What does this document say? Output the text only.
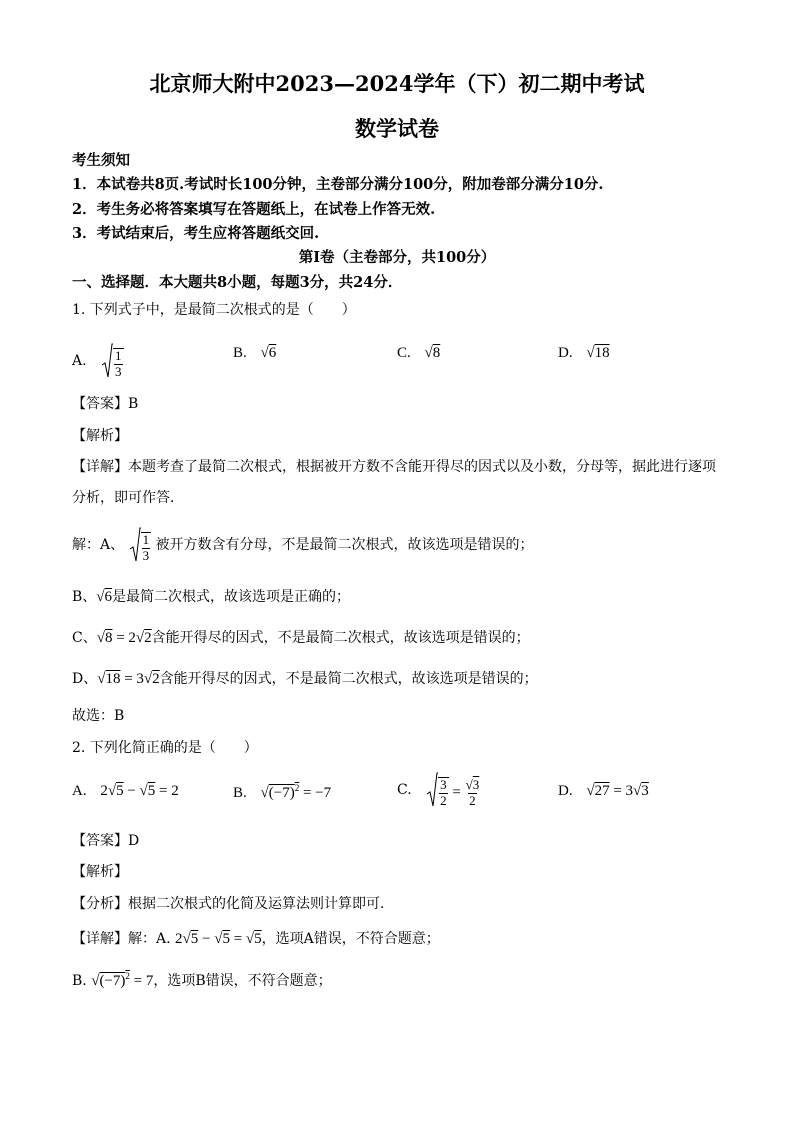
北京师大附中2023—2024学年（下）初二期中考试
数学试卷
考生须知
1．本试卷共8页.考试时长100分钟，主卷部分满分100分，附加卷部分满分10分.
2．考生务必将答案填写在答题纸上，在试卷上作答无效.
3．考试结束后，考生应将答题纸交回.
第Ⅰ卷（主卷部分，共100分）
一、选择题．本大题共8小题，每题3分，共24分．
1. 下列式子中，是最简二次根式的是（　　）
A. $\frac{1}{3}$	B. √6	C. √8	D. √18
【答案】B
【解析】
【详解】本题考查了最简二次根式，根据被开方数不含能开得尽的因式以及小数，分母等，据此进行逐项
分析，即可作答．
解：A、 $\frac{1}{3}$ 被开方数含有分母，不是最简二次根式，故该选项是错误的；
B、√6是最简二次根式，故该选项是正确的；
C、√8 = 2√2含能开得尽的因式，不是最简二次根式，故该选项是错误的；
D、√18 = 3√2含能开得尽的因式，不是最简二次根式，故该选项是错误的；
故选：B
2. 下列化简正确的是（　　）
A. 2√5 − √5 = 2	B. $√(-7)^2 = -7$	C. $\frac{3}{2} = \frac{√3}{2}$	D. √27 = 3√3
【答案】D
【解析】
【分析】根据二次根式的化简及运算法则计算即可．
【详解】解：A. 2√5 − √5 = √5，选项A错误，不符合题意；
B. $√(-7)^2 = 7$，选项B错误，不符合题意；
